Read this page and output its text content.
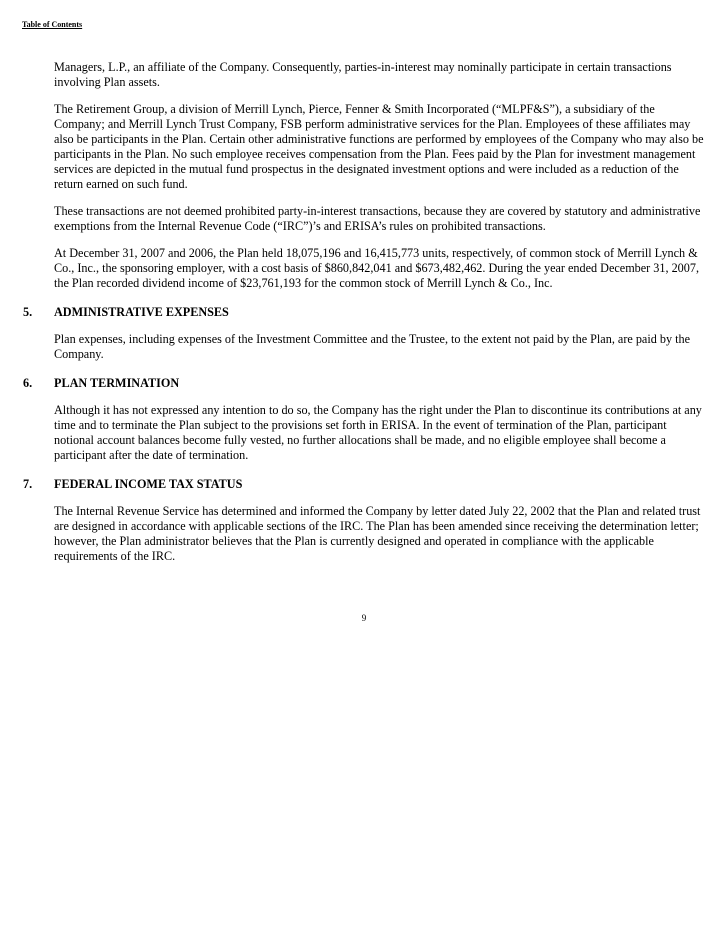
Table of Contents

Managers, L.P., an affiliate of the Company. Consequently, parties-in-interest may nominally participate in certain transactions involving Plan assets.

The Retirement Group, a division of Merrill Lynch, Pierce, Fenner & Smith Incorporated (“MLPF&S”), a subsidiary of the Company; and Merrill Lynch Trust Company, FSB perform administrative services for the Plan. Employees of these affiliates may also be participants in the Plan. Certain other administrative functions are performed by employees of the Company who may also be participants in the Plan. No such employee receives compensation from the Plan. Fees paid by the Plan for investment management services are depicted in the mutual fund prospectus in the designated investment options and were included as a reduction of the return earned on such fund.

These transactions are not deemed prohibited party-in-interest transactions, because they are covered by statutory and administrative exemptions from the Internal Revenue Code (“IRC”)’s and ERISA’s rules on prohibited transactions.

At December 31, 2007 and 2006, the Plan held 18,075,196 and 16,415,773 units, respectively, of common stock of Merrill Lynch & Co., Inc., the sponsoring employer, with a cost basis of $860,842,041 and $673,482,462. During the year ended December 31, 2007, the Plan recorded dividend income of $23,761,193 for the common stock of Merrill Lynch & Co., Inc.

5. ADMINISTRATIVE EXPENSES

Plan expenses, including expenses of the Investment Committee and the Trustee, to the extent not paid by the Plan, are paid by the Company.

6. PLAN TERMINATION

Although it has not expressed any intention to do so, the Company has the right under the Plan to discontinue its contributions at any time and to terminate the Plan subject to the provisions set forth in ERISA. In the event of termination of the Plan, participant notional account balances become fully vested, no further allocations shall be made, and no eligible employee shall become a participant after the date of termination.

7. FEDERAL INCOME TAX STATUS

The Internal Revenue Service has determined and informed the Company by letter dated July 22, 2002 that the Plan and related trust are designed in accordance with applicable sections of the IRC. The Plan has been amended since receiving the determination letter; however, the Plan administrator believes that the Plan is currently designed and operated in compliance with the applicable requirements of the IRC.

9
